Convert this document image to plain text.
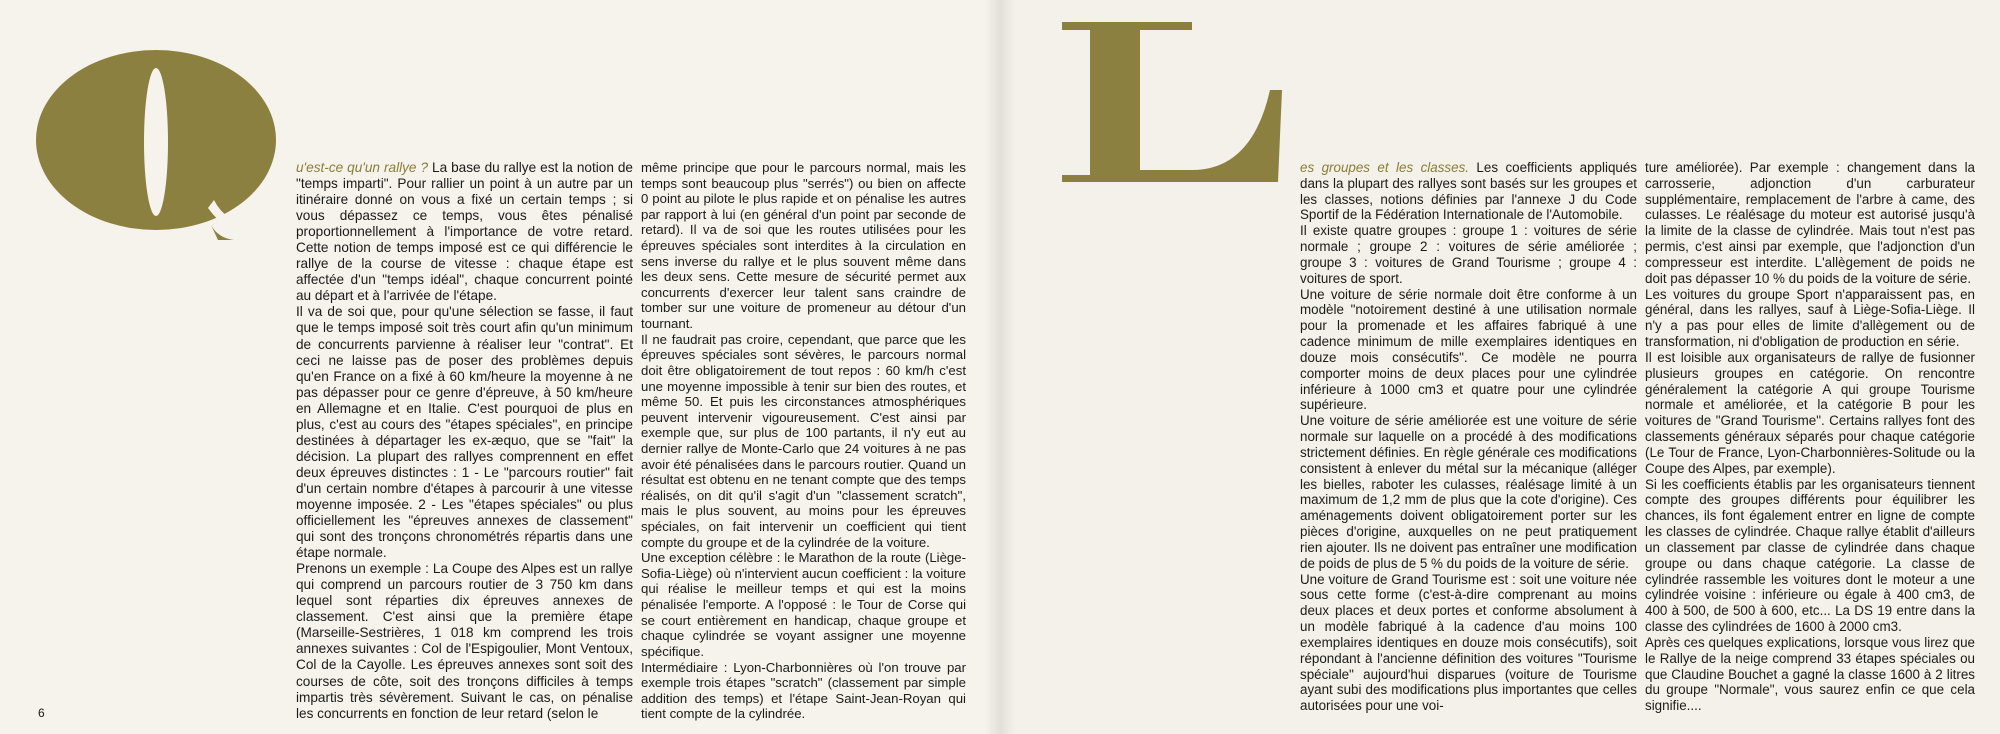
u'est-ce qu'un rallye ? La base du rallye est la notion de "temps imparti". Pour rallier un point à un autre par un itinéraire donné on vous a fixé un certain temps ; si vous dépassez ce temps, vous êtes pénalisé proportionnellement à l'importance de votre retard. Cette notion de temps imposé est ce qui différencie le rallye de la course de vitesse : chaque étape est affectée d'un "temps idéal", chaque concurrent pointé au départ et à l'arrivée de l'étape.

Il va de soi que, pour qu'une sélection se fasse, il faut que le temps imposé soit très court afin qu'un minimum de concurrents parvienne à réaliser leur "contrat". Et ceci ne laisse pas de poser des problèmes depuis qu'en France on a fixé à 60 km/heure la moyenne à ne pas dépasser pour ce genre d'épreuve, à 50 km/heure en Allemagne et en Italie. C'est pourquoi de plus en plus, c'est au cours des "étapes spéciales", en principe destinées à départager les ex-æquo, que se "fait" la décision. La plupart des rallyes comprennent en effet deux épreuves distinctes : 1 - Le "parcours routier" fait d'un certain nombre d'étapes à parcourir à une vitesse moyenne imposée. 2 - Les "étapes spéciales" ou plus officiellement les "épreuves annexes de classement" qui sont des tronçons chronométrés répartis dans une étape normale.

Prenons un exemple : La Coupe des Alpes est un rallye qui comprend un parcours routier de 3 750 km dans lequel sont réparties dix épreuves annexes de classement. C'est ainsi que la première étape (Marseille-Sestrières, 1 018 km comprend les trois annexes suivantes : Col de l'Espigoulier, Mont Ventoux, Col de la Cayolle. Les épreuves annexes sont soit des courses de côte, soit des tronçons difficiles à temps impartis très sévèrement. Suivant le cas, on pénalise les concurrents en fonction de leur retard (selon le

même principe que pour le parcours normal, mais les temps sont beaucoup plus "serrés") ou bien on affecte 0 point au pilote le plus rapide et on pénalise les autres par rapport à lui (en général d'un point par seconde de retard). Il va de soi que les routes utilisées pour les épreuves spéciales sont interdites à la circulation en sens inverse du rallye et le plus souvent même dans les deux sens. Cette mesure de sécurité permet aux concurrents d'exercer leur talent sans craindre de tomber sur une voiture de promeneur au détour d'un tournant.

Il ne faudrait pas croire, cependant, que parce que les épreuves spéciales sont sévères, le parcours normal doit être obligatoirement de tout repos : 60 km/h c'est une moyenne impossible à tenir sur bien des routes, et même 50. Et puis les circonstances atmosphériques peuvent intervenir vigoureusement. C'est ainsi par exemple que, sur plus de 100 partants, il n'y eut au dernier rallye de Monte-Carlo que 24 voitures à ne pas avoir été pénalisées dans le parcours routier. Quand un résultat est obtenu en ne tenant compte que des temps réalisés, on dit qu'il s'agit d'un "classement scratch", mais le plus souvent, au moins pour les épreuves spéciales, on fait intervenir un coefficient qui tient compte du groupe et de la cylindrée de la voiture.

Une exception célèbre : le Marathon de la route (Liège-Sofia-Liège) où n'intervient aucun coefficient : la voiture qui réalise le meilleur temps et qui est la moins pénalisée l'emporte. A l'opposé : le Tour de Corse qui se court entièrement en handicap, chaque groupe et chaque cylindrée se voyant assigner une moyenne spécifique.

Intermédiaire : Lyon-Charbonnières où l'on trouve par exemple trois étapes "scratch" (classement par simple addition des temps) et l'étape Saint-Jean-Royan qui tient compte de la cylindrée.

6

es groupes et les classes. Les coefficients appliqués dans la plupart des rallyes sont basés sur les groupes et les classes, notions définies par l'annexe J du Code Sportif de la Fédération Internationale de l'Automobile.

Il existe quatre groupes : groupe 1 : voitures de série normale ; groupe 2 : voitures de série améliorée ; groupe 3 : voitures de Grand Tourisme ; groupe 4 : voitures de sport.

Une voiture de série normale doit être conforme à un modèle "notoirement destiné à une utilisation normale pour la promenade et les affaires fabriqué à une cadence minimum de mille exemplaires identiques en douze mois consécutifs". Ce modèle ne pourra comporter moins de deux places pour une cylindrée inférieure à 1000 cm3 et quatre pour une cylindrée supérieure.

Une voiture de série améliorée est une voiture de série normale sur laquelle on a procédé à des modifications strictement définies. En règle générale ces modifications consistent à enlever du métal sur la mécanique (alléger les bielles, raboter les culasses, réalésage limité à un maximum de 1,2 mm de plus que la cote d'origine). Ces aménagements doivent obligatoirement porter sur les pièces d'origine, auxquelles on ne peut pratiquement rien ajouter. Ils ne doivent pas entraîner une modification de poids de plus de 5 % du poids de la voiture de série.

Une voiture de Grand Tourisme est : soit une voiture née sous cette forme (c'est-à-dire comprenant au moins deux places et deux portes et conforme absolument à un modèle fabriqué à la cadence d'au moins 100 exemplaires identiques en douze mois consécutifs), soit répondant à l'ancienne définition des voitures "Tourisme spéciale" aujourd'hui disparues (voiture de Tourisme ayant subi des modifications plus importantes que celles autorisées pour une voi-

ture améliorée). Par exemple : changement dans la carrosserie, adjonction d'un carburateur supplémentaire, remplacement de l'arbre à came, des culasses. Le réalésage du moteur est autorisé jusqu'à la limite de la classe de cylindrée. Mais tout n'est pas permis, c'est ainsi par exemple, que l'adjonction d'un compresseur est interdite. L'allègement de poids ne doit pas dépasser 10 % du poids de la voiture de série.

Les voitures du groupe Sport n'apparaissent pas, en général, dans les rallyes, sauf à Liège-Sofia-Liège. Il n'y a pas pour elles de limite d'allègement ou de transformation, ni d'obligation de production en série.

Il est loisible aux organisateurs de rallye de fusionner plusieurs groupes en catégorie. On rencontre généralement la catégorie A qui groupe Tourisme normale et améliorée, et la catégorie B pour les voitures de "Grand Tourisme". Certains rallyes font des classements généraux séparés pour chaque catégorie (Le Tour de France, Lyon-Charbonnières-Solitude ou la Coupe des Alpes, par exemple).

Si les coefficients établis par les organisateurs tiennent compte des groupes différents pour équilibrer les chances, ils font également entrer en ligne de compte les classes de cylindrée. Chaque rallye établit d'ailleurs un classement par classe de cylindrée dans chaque groupe ou dans chaque catégorie. La classe de cylindrée rassemble les voitures dont le moteur a une cylindrée voisine : inférieure ou égale à 400 cm3, de 400 à 500, de 500 à 600, etc... La DS 19 entre dans la classe des cylindrées de 1600 à 2000 cm3.

Après ces quelques explications, lorsque vous lirez que le Rallye de la neige comprend 33 étapes spéciales ou que Claudine Bouchet a gagné la classe 1600 à 2 litres du groupe "Normale", vous saurez enfin ce que cela signifie....
